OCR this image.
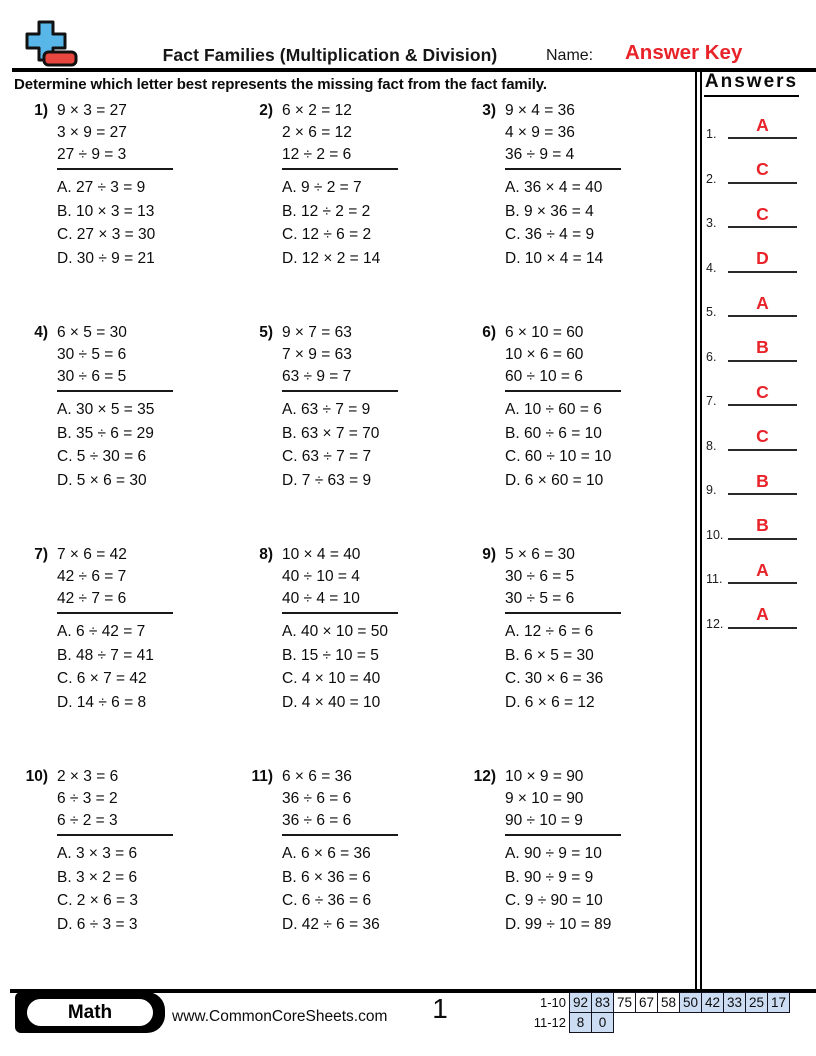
Fact Families (Multiplication & Division)	Name: Answer Key
Determine which letter best represents the missing fact from the fact family.	Answers
Math	www.CommonCoreSheets.com	1	1-10 92 83 75 67 58 50 42 33 25 17
11-12 8	0
1.	A
2.	C
3.	C
4.	D
5.	A
6.	B
7.	C
8.	C
9.	B
10.	B
11.	A
12.	A
1) 9 × 3 = 27
3 × 9 = 27
27 ÷ 9 = 3
A. 27 ÷ 3 = 9
B. 10 × 3 = 13
C. 27 × 3 = 30
D. 30 ÷ 9 = 21
2) 6 × 2 = 12
2 × 6 = 12
12 ÷ 2 = 6
A. 9 ÷ 2 = 7
B. 12 ÷ 2 = 2
C. 12 ÷ 6 = 2
D. 12 × 2 = 14
3) 9 × 4 = 36
4 × 9 = 36
36 ÷ 9 = 4
A. 36 × 4 = 40
B. 9 × 36 = 4
C. 36 ÷ 4 = 9
D. 10 × 4 = 14
4) 6 × 5 = 30
30 ÷ 5 = 6
30 ÷ 6 = 5
A. 30 × 5 = 35
B. 35 ÷ 6 = 29
C. 5 ÷ 30 = 6
D. 5 × 6 = 30
5) 9 × 7 = 63
7 × 9 = 63
63 ÷ 9 = 7
A. 63 ÷ 7 = 9
B. 63 × 7 = 70
C. 63 ÷ 7 = 7
D. 7 ÷ 63 = 9
6) 6 × 10 = 60
10 × 6 = 60
60 ÷ 10 = 6
A. 10 ÷ 60 = 6
B. 60 ÷ 6 = 10
C. 60 ÷ 10 = 10
D. 6 × 60 = 10
7) 7 × 6 = 42
42 ÷ 6 = 7
42 ÷ 7 = 6
A. 6 ÷ 42 = 7
B. 48 ÷ 7 = 41
C. 6 × 7 = 42
D. 14 ÷ 6 = 8
8) 10 × 4 = 40
40 ÷ 10 = 4
40 ÷ 4 = 10
A. 40 × 10 = 50
B. 15 ÷ 10 = 5
C. 4 × 10 = 40
D. 4 × 40 = 10
9) 5 × 6 = 30
30 ÷ 6 = 5
30 ÷ 5 = 6
A. 12 ÷ 6 = 6
B. 6 × 5 = 30
C. 30 × 6 = 36
D. 6 × 6 = 12
10) 2 × 3 = 6
6 ÷ 3 = 2
6 ÷ 2 = 3
A. 3 × 3 = 6
B. 3 × 2 = 6
C. 2 × 6 = 3
D. 6 ÷ 3 = 3
11) 6 × 6 = 36
36 ÷ 6 = 6
36 ÷ 6 = 6
A. 6 × 6 = 36
B. 6 × 36 = 6
C. 6 ÷ 36 = 6
D. 42 ÷ 6 = 36
12) 10 × 9 = 90
9 × 10 = 90
90 ÷ 10 = 9
A. 90 ÷ 9 = 10
B. 90 ÷ 9 = 9
C. 9 ÷ 90 = 10
D. 99 ÷ 10 = 89
